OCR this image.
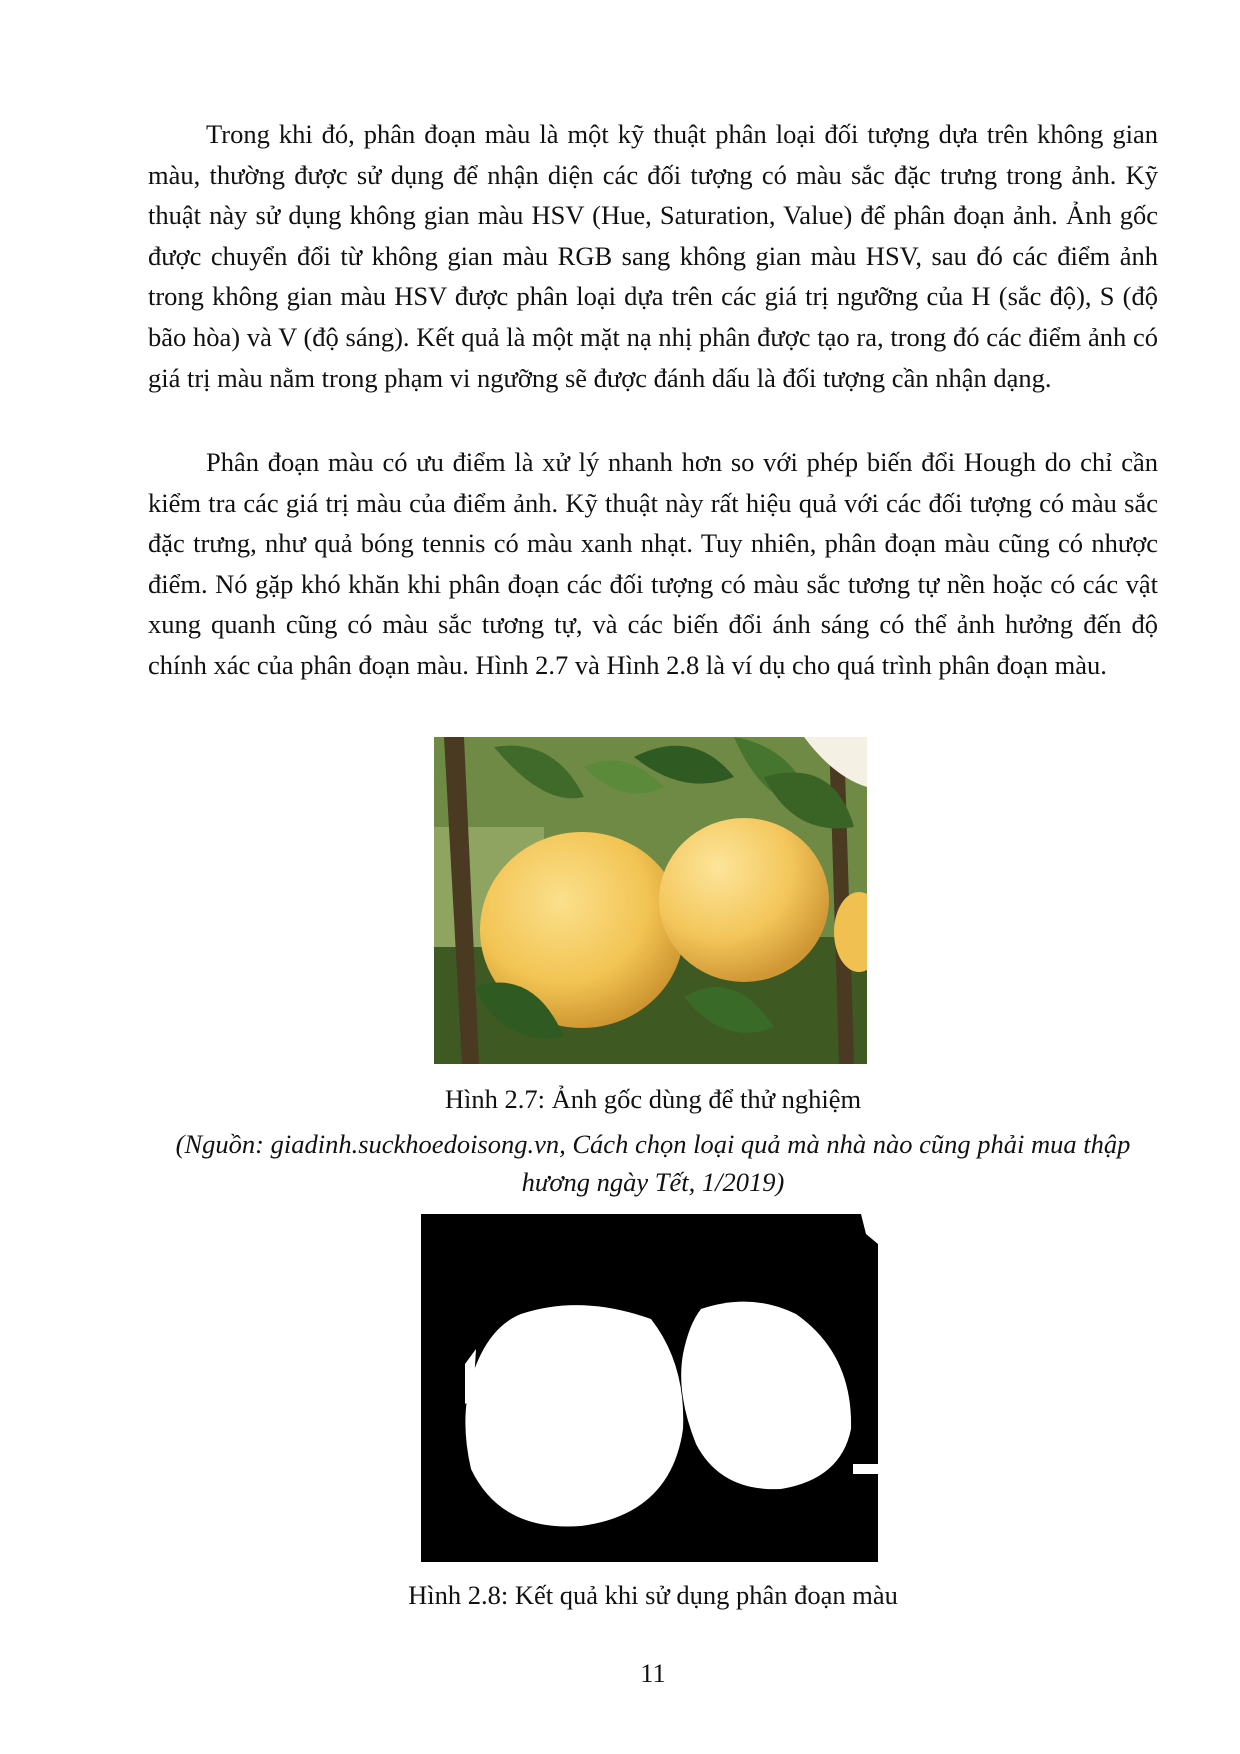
Trong khi đó, phân đoạn màu là một kỹ thuật phân loại đối tượng dựa trên không gian màu, thường được sử dụng để nhận diện các đối tượng có màu sắc đặc trưng trong ảnh. Kỹ thuật này sử dụng không gian màu HSV (Hue, Saturation, Value) để phân đoạn ảnh. Ảnh gốc được chuyển đổi từ không gian màu RGB sang không gian màu HSV, sau đó các điểm ảnh trong không gian màu HSV được phân loại dựa trên các giá trị ngưỡng của H (sắc độ), S (độ bão hòa) và V (độ sáng). Kết quả là một mặt nạ nhị phân được tạo ra, trong đó các điểm ảnh có giá trị màu nằm trong phạm vi ngưỡng sẽ được đánh dấu là đối tượng cần nhận dạng.

Phân đoạn màu có ưu điểm là xử lý nhanh hơn so với phép biến đổi Hough do chỉ cần kiểm tra các giá trị màu của điểm ảnh. Kỹ thuật này rất hiệu quả với các đối tượng có màu sắc đặc trưng, như quả bóng tennis có màu xanh nhạt. Tuy nhiên, phân đoạn màu cũng có nhược điểm. Nó gặp khó khăn khi phân đoạn các đối tượng có màu sắc tương tự nền hoặc có các vật xung quanh cũng có màu sắc tương tự, và các biến đổi ánh sáng có thể ảnh hưởng đến độ chính xác của phân đoạn màu. Hình 2.7 và Hình 2.8 là ví dụ cho quá trình phân đoạn màu.

Hình 2.7: Ảnh gốc dùng để thử nghiệm

(Nguồn: giadinh.suckhoedoisong.vn, Cách chọn loại quả mà nhà nào cũng phải mua thập hương ngày Tết, 1/2019)

Hình 2.8: Kết quả khi sử dụng phân đoạn màu

11
